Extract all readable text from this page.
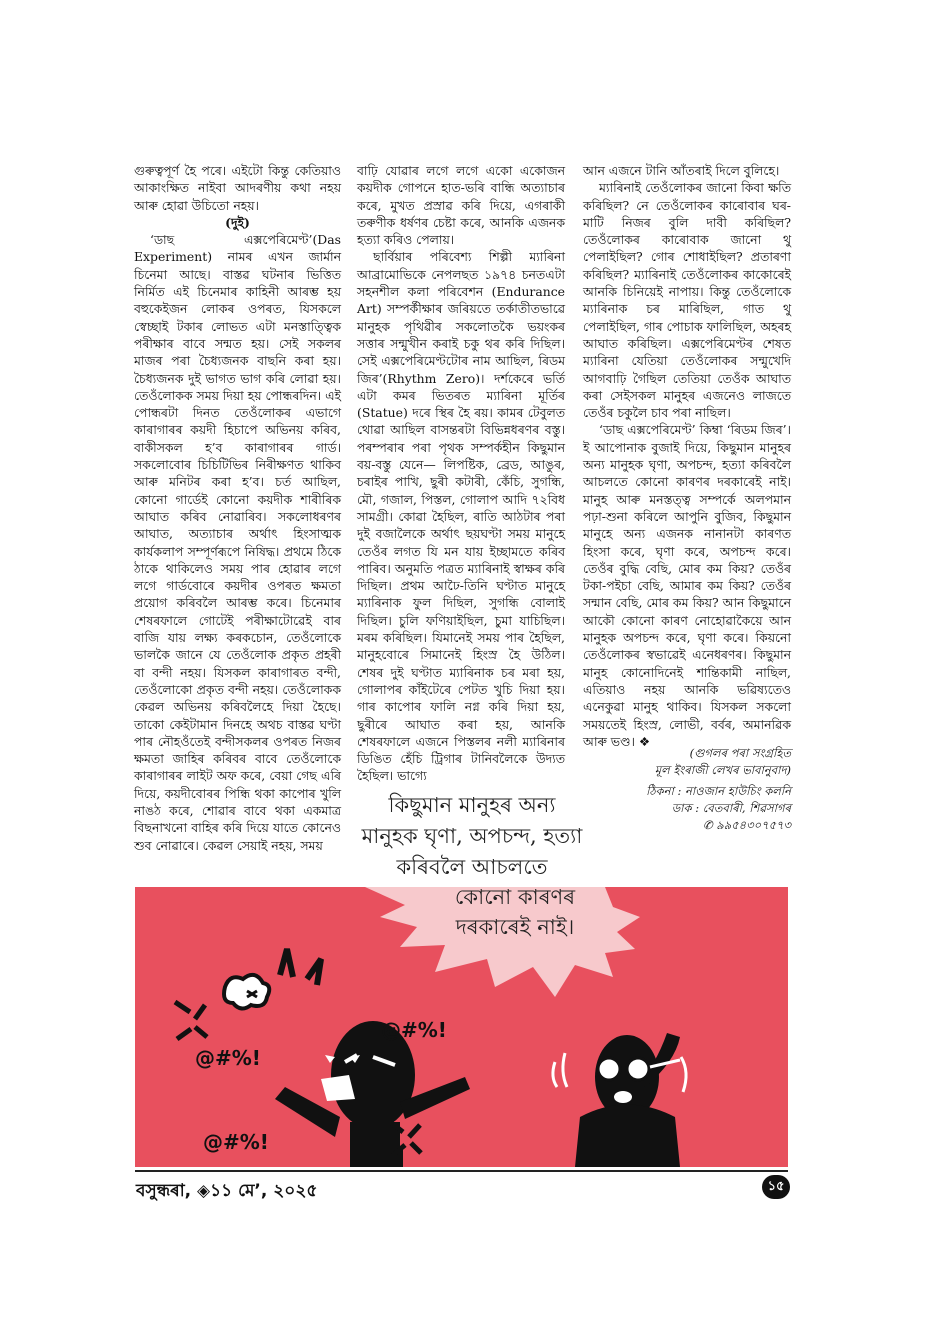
গুৰুত্বপূৰ্ণ হৈ পৰে। এইটো কিন্তু কেতিয়াও আকাংক্ষিত নাইবা আদৰণীয় কথা নহয় আৰু হোৱা উচিতো নহয়।

(দুই)

‘ডাছ এক্সপেৰিমেণ্ট’(Das Experiment) নামৰ এখন জাৰ্মান চিনেমা আছে। বাস্তৱ ঘটনাৰ ভিত্তিত নিৰ্মিত এই চিনেমাৰ কাহিনী আৰম্ভ হয় বহুকেইজন লোকৰ ওপৰত, যিসকলে স্বেচ্ছাই টকাৰ লোভত এটা মনস্তাত্ত্বিক পৰীক্ষাৰ বাবে সন্মত হয়। সেই সকলৰ মাজৰ পৰা চৈধ্যজনক বাছনি কৰা হয়। চৈধ্যজনক দুই ভাগত ভাগ কৰি লোৱা হয়। তেওঁলোকক সময় দিয়া হয় পোন্ধৰদিন। এই পোন্ধৰটা দিনত তেওঁলোকৰ এভাগে কাৰাগাৰৰ কয়দী হিচাপে অভিনয় কৰিব, বাকীসকল হ’ব কাৰাগাৰৰ গাৰ্ড। সকলোবোৰ চিচিটিভিৰ নিৰীক্ষণত থাকিব আৰু মনিটৰ কৰা হ’ব। চৰ্ত আছিল, কোনো গাৰ্ডেই কোনো কয়দীক শাৰীৰিক আঘাত কৰিব নোৱাৰিব। সকলোধৰণৰ আঘাত, অত্যাচাৰ অৰ্থাৎ হিংসাত্মক কাৰ্যকলাপ সম্পূৰ্ণৰূপে নিষিদ্ধ। প্ৰথমে ঠিকে ঠাকে থাকিলেও সময় পাৰ হোৱাৰ লগে লগে গাৰ্ডবোৰে কয়দীৰ ওপৰত ক্ষমতা প্ৰয়োগ কৰিবলৈ আৰম্ভ কৰে। চিনেমাৰ শেষৰফালে গোটেই পৰীক্ষাটোৱেই বাৰ বাজি যায় লক্ষ্য কৰকচোন, তেওঁলোকে ভালকৈ জানে যে তেওঁলোক প্ৰকৃত প্ৰহৰী বা বন্দী নহয়। যিসকল কাৰাগাৰত বন্দী, তেওঁলোকো প্ৰকৃত বন্দী নহয়। তেওঁলোকক কেৱল অভিনয় কৰিবলৈহে দিয়া হৈছে। তাকো কেইটামান দিনহে অথচ বাস্তৱ ঘণ্টা পাৰ নৌহওঁতেই বন্দীসকলৰ ওপৰত নিজৰ ক্ষমতা জাহিৰ কৰিবৰ বাবে তেওঁলোকে কাৰাগাৰৰ লাইট অফ কৰে, বেয়া গেছ এৰি দিয়ে, কয়দীবোৰৰ পিন্ধি থকা কাপোৰ খুলি নাঙঠ কৰে, শোৱাৰ বাবে থকা একমাত্ৰ বিছনাখনো বাহিৰ কৰি দিয়ে যাতে কোনেও শুব নোৱাৰে। কেৱল সেয়াই নহয়, সময়

বাঢ়ি যোৱাৰ লগে লগে একো একোজন কয়দীক গোপনে হাত-ভৰি বান্ধি অত্যাচাৰ কৰে, মুখত প্ৰস্ৰাৱ কৰি দিয়ে, এগৰাকী তৰুণীক ধৰ্ষণৰ চেষ্টা কৰে, আনকি এজনক হত্যা কৰিও পেলায়।

ছাৰ্বিয়াৰ পৰিবেশ্য শিল্পী ম্যাৰিনা আব্ৰামোভিকে নেপলছত ১৯৭৪ চনতএটা সহনশীল কলা পৰিবেশন (Endurance Art) সম্পৰ্কীক্ষাৰ জৰিয়তে তৰ্কাতীতভাৱে মানুহক পৃথিৱীৰ সকলোতকৈ ভয়ংকৰ সত্তাৰ সন্মুখীন কৰাই চকু থৰ কৰি দিছিল। সেই এক্সপেৰিমেণ্টটোৰ নাম আছিল, ৰিডম জিৰ’(Rhythm Zero)। দৰ্শকেৰে ভৰ্তি এটা কমৰ ভিতৰত ম্যাৰিনা মূৰ্তিৰ (Statue) দৰে স্থিৰ হৈ ৰয়। কামৰ টেবুলত থোৱা আছিল বাসন্তৰটা বিভিন্নধৰণৰ বস্তু। পৰম্পৰাৰ পৰা পৃথক সম্পৰ্কহীন কিছুমান বয়-বস্তু যেনে— লিপষ্টিক, ব্ৰেড, আঙুৰ, চৰাইৰ পাখি, ছুৰী কটাৰী, কেঁচি, সুগন্ধি, মৌ, গজাল, পিস্তল, গোলাপ আদি ৭২বিধ সামগ্ৰী। কোৱা হৈছিল, ৰাতি আঠটাৰ পৰা দুই বজালৈকে অৰ্থাৎ ছয়ঘণ্টা সময় মানুহে তেওঁৰ লগত যি মন যায় ইচ্ছামতে কৰিব পাৰিব। অনুমতি পত্ৰত ম্যাৰিনাই স্বাক্ষৰ কৰি দিছিল। প্ৰথম আঢৈ-তিনি ঘণ্টাত মানুহে ম্যাৰিনাক ফুল দিছিল, সুগন্ধি বোলাই দিছিল। চুলি ফণিয়াইছিল, চুমা যাচিছিল। মৰম কৰিছিল। যিমানেই সময় পাৰ হৈছিল, মানুহবোৰে সিমানেই হিংস্ৰ হৈ উঠিল। শেষৰ দুই ঘণ্টাত ম্যাৰিনাক চৰ মৰা হয়, গোলাপৰ কাঁইটেৰে পেটত খুচি দিয়া হয়। গাৰ কাপোৰ ফালি নগ্ন কৰি দিয়া হয়, ছুৰীৰে আঘাত কৰা হয়, আনকি শেষৰফালে এজনে পিস্তলৰ নলী ম্যাৰিনাৰ ডিঙিত হেঁচি ট্ৰিগাৰ টানিবলৈকে উদ্যত হৈছিল। ভাগ্যে

আন এজনে টানি আঁতৰাই দিলে বুলিহে।

ম্যাৰিনাই তেওঁলোকৰ জানো কিবা ক্ষতি কৰিছিল? নে তেওঁলোকৰ কাৰোবাৰ ঘৰ-মাটি নিজৰ বুলি দাবী কৰিছিল? তেওঁলোকৰ কাৰোবাক জানো থু পেলাইছিল? গোৰ শোধাইছিল? প্ৰতাৰণা কৰিছিল? ম্যাৰিনাই তেওঁলোকৰ কাকোৰেই আনকি চিনিয়েই নাপায়। কিন্তু তেওঁলোকে ম্যাৰিনাক চৰ মাৰিছিল, গাত থু পেলাইছিল, গাৰ পোচাক ফালিছিল, অহৰহ আঘাত কৰিছিল। এক্সপেৰিমেণ্টৰ শেষত ম্যাৰিনা যেতিয়া তেওঁলোকৰ সন্মুখেদি আগবাঢ়ি গৈছিল তেতিয়া তেওঁক আঘাত কৰা সেইসকল মানুহৰ এজনেও লাজতে তেওঁৰ চকুলৈ চাব পৰা নাছিল।

‘ডাছ এক্সপেৰিমেণ্ট’ কিম্বা ‘ৰিডম জিৰ’। ই আপোনাক বুজাই দিয়ে, কিছুমান মানুহৰ অন্য মানুহক ঘৃণা, অপচন্দ, হত্যা কৰিবলৈ আচলতে কোনো কাৰণৰ দৰকাৰেই নাই। মানুহ আৰু মনস্তত্ত্ব সম্পৰ্কে অলপমান পঢ়া-শুনা কৰিলে আপুনি বুজিব, কিছুমান মানুহে অন্য এজনক নানানটা কাৰণত হিংসা কৰে, ঘৃণা কৰে, অপচন্দ কৰে। তেওঁৰ বুদ্ধি বেছি, মোৰ কম কিয়? তেওঁৰ টকা-পইচা বেছি, আমাৰ কম কিয়? তেওঁৰ সন্মান বেছি, মোৰ কম কিয়? আন কিছুমানে আকৌ কোনো কাৰণ নোহোৱাকৈয়ে আন মানুহক অপচন্দ কৰে, ঘৃণা কৰে। কিয়নো তেওঁলোকৰ স্বভাৱেই এনেধৰণৰ। কিছুমান মানুহ কোনোদিনেই শান্তিকামী নাছিল, এতিয়াও নহয় আনকি ভৱিষ্যতেও এনেকুৱা মানুহ থাকিব। যিসকল সকলো সময়তেই হিংস্ৰ, লোভী, বৰ্বৰ, অমানৱিক আৰু ভণ্ড। ❖

(গুগলৰ পৰা সংগ্ৰহিত
মূল ইংৰাজী লেখৰ ভাবানুবাদ)
ঠিকনা : নাওজান হাউচিং কলনি
ডাক : বেতবাৰী, শিৱসাগৰ
✆ ৯৯৫৪৩০৭৫৭৩
@#%!
@#%!
@#%!
কিছুমান মানুহৰ অন্য মানুহক ঘৃণা, অপচন্দ, হত্যা কৰিবলৈ আচলতে
কোনো কাৰণৰ দৰকাৰেই নাই।
বসুন্ধৰা, ◈১১ মে’, ২০২৫	১৫
